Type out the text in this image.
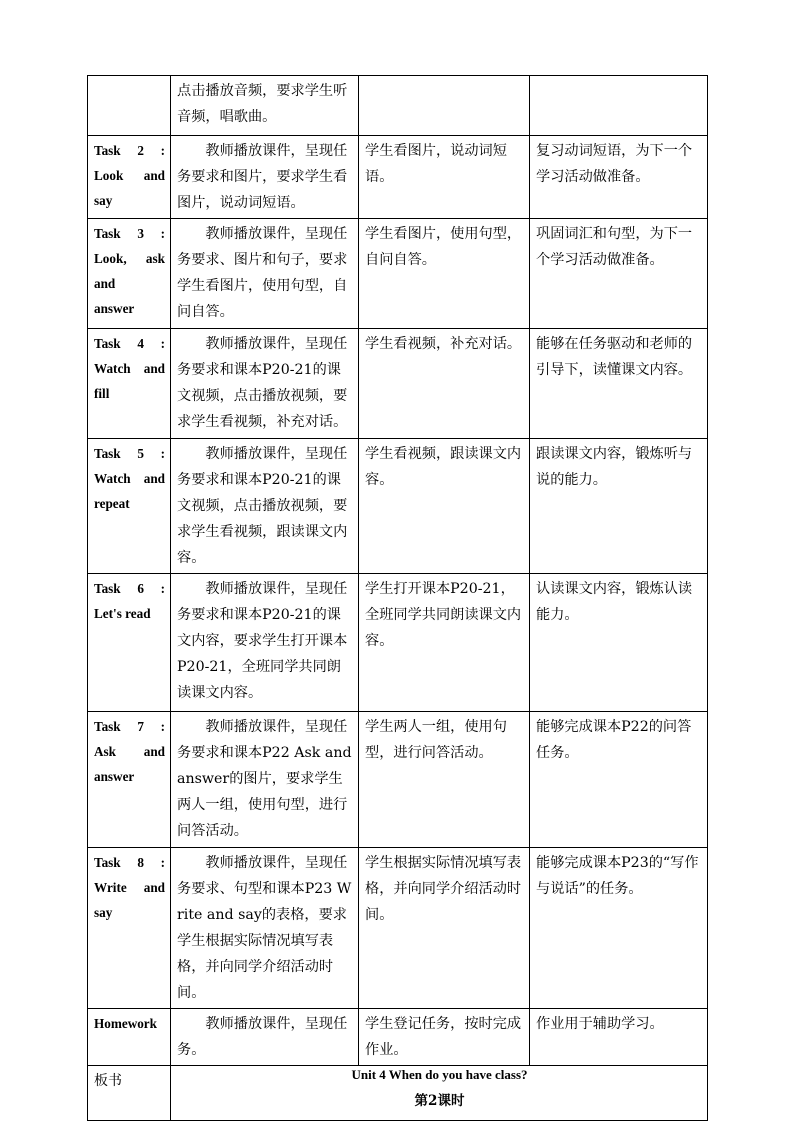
	点击播放音频，要求学生听音频，唱歌曲。		

Task 2 :
Look and
say	教师播放课件，呈现任务要求和图片，要求学生看图片，说动词短语。	学生看图片，说动词短语。	复习动词短语，为下一个学习活动做准备。

Task 3 :
Look, ask
and
answer	教师播放课件，呈现任务要求、图片和句子，要求学生看图片，使用句型，自问自答。	学生看图片，使用句型，自问自答。	巩固词汇和句型，为下一个学习活动做准备。

Task 4 :
Watch and
fill	教师播放课件，呈现任务要求和课本P20-21的课文视频，点击播放视频，要求学生看视频，补充对话。	学生看视频，补充对话。	能够在任务驱动和老师的引导下，读懂课文内容。

Task 5 :
Watch and
repeat	教师播放课件，呈现任务要求和课本P20-21的课文视频，点击播放视频，要求学生看视频，跟读课文内容。	学生看视频，跟读课文内容。	跟读课文内容，锻炼听与说的能力。

Task 6 :
Let's read	教师播放课件，呈现任务要求和课本P20-21的课文内容，要求学生打开课本P20-21，全班同学共同朗读课文内容。	学生打开课本P20-21，全班同学共同朗读课文内容。	认读课文内容，锻炼认读能力。

Task 7 :
Ask and
answer	教师播放课件，呈现任务要求和课本P22 Ask and answer的图片，要求学生两人一组，使用句型，进行问答活动。	学生两人一组，使用句型，进行问答活动。	能够完成课本P22的问答任务。

Task 8 :
Write and
say	教师播放课件，呈现任务要求、句型和课本P23 Write and say的表格，要求学生根据实际情况填写表格，并向同学介绍活动时间。	学生根据实际情况填写表格，并向同学介绍活动时间。	能够完成课本P23的“写作与说话”的任务。

Homework	教师播放课件，呈现任务。	学生登记任务，按时完成作业。	作业用于辅助学习。

板书	Unit 4 When do you have class?
第2课时		
